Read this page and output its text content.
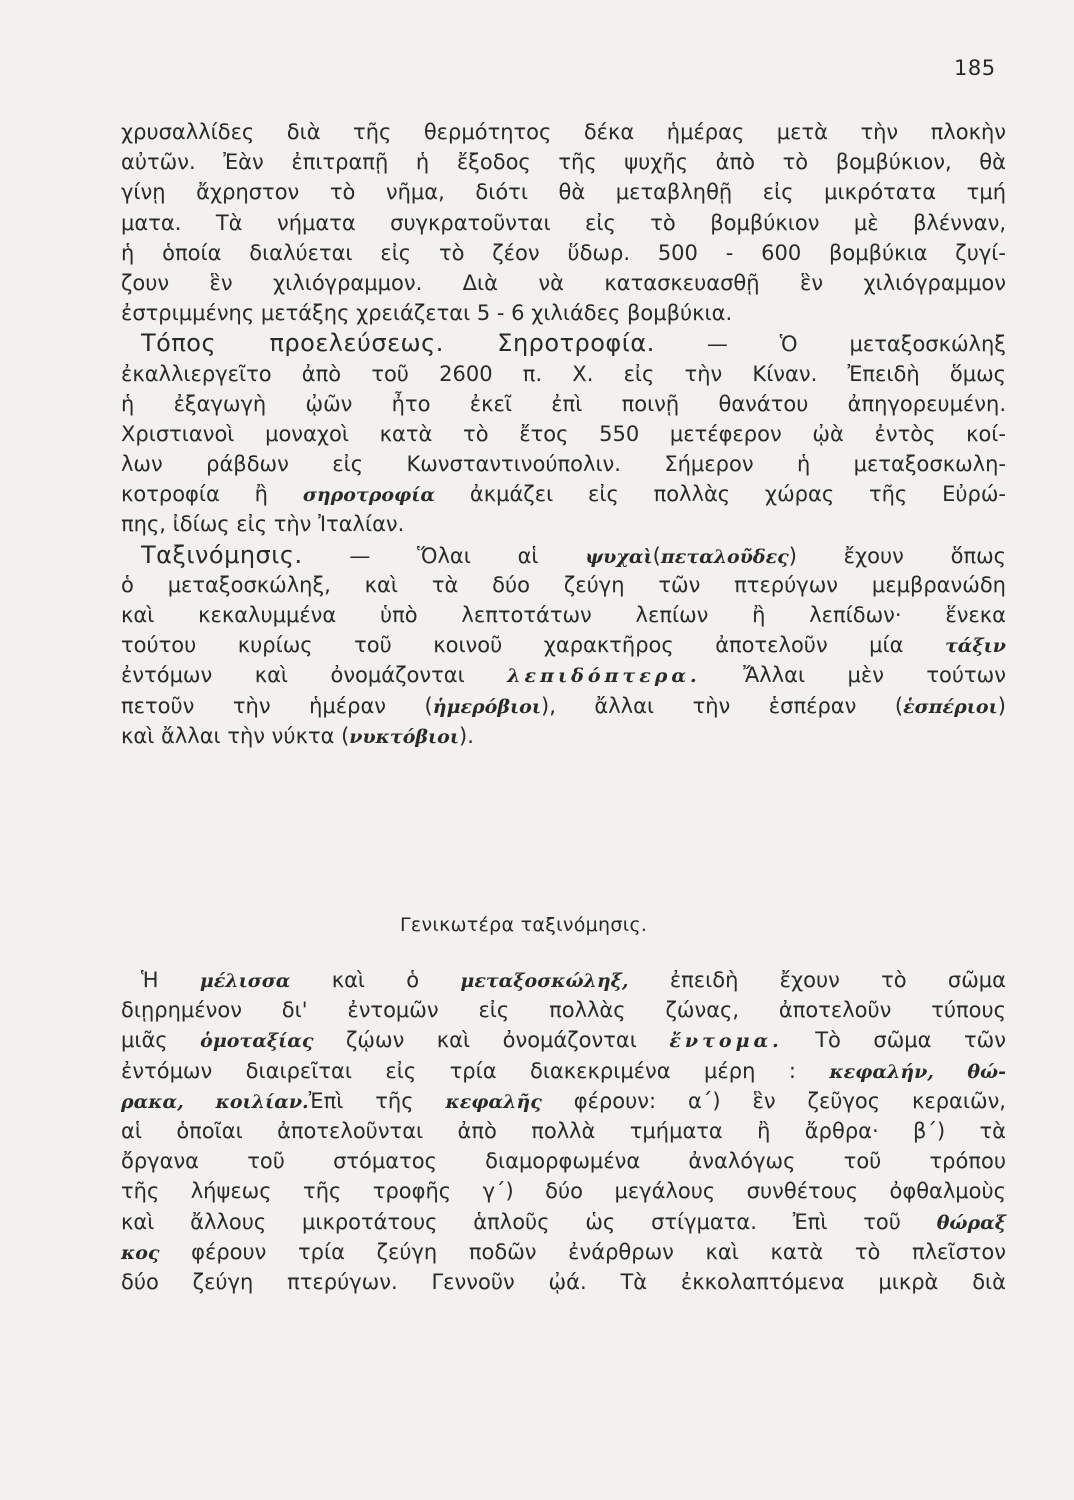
185
χρυσαλλίδες διὰ τῆς θερμότητος δέκα ἡμέρας μετὰ τὴν πλοκὴν
αὐτῶν. Ἐὰν ἐπιτραπῇ ἡ ἔξοδος τῆς ψυχῆς ἀπὸ τὸ βομβύκιον, θὰ
γίνῃ ἄχρηστον τὸ νῆμα, διότι θὰ μεταβληθῇ εἰς μικρότατα τμή
ματα. Τὰ νήματα συγκρατοῦνται εἰς τὸ βομβύκιον μὲ βλένναν,
ἡ ὁποία διαλύεται εἰς τὸ ζέον ὕδωρ. 500 - 600 βομβύκια ζυγί-
ζουν ἓν χιλιόγραμμον. Διὰ νὰ κατασκευασθῇ ἓν χιλιόγραμμον
ἐστριμμένης μετάξης χρειάζεται 5 - 6 χιλιάδες βομβύκια.
Τόπος προελεύσεως. Σηροτροφία. — Ὁ μεταξοσκώληξ
ἐκαλλιεργεῖτο ἀπὸ τοῦ 2600 π. Χ. εἰς τὴν Κίναν. Ἐπειδὴ ὅμως
ἡ ἐξαγωγὴ ᾠῶν ἦτο ἐκεῖ ἐπὶ ποινῇ θανάτου ἀπηγορευμένη.
Χριστιανοὶ μοναχοὶ κατὰ τὸ ἔτος 550 μετέφερον ᾠὰ ἐντὸς κοί-
λων ράβδων εἰς Κωνσταντινούπολιν. Σήμερον ἡ μεταξοσκωλη-
κοτροφία ἢ σηροτροφία ἀκμάζει εἰς πολλὰς χώρας τῆς Εὐρώ-
πης, ἰδίως εἰς τὴν Ἰταλίαν.
Ταξινόμησις. — Ὅλαι αἱ ψυχαὶ(πεταλοῦδες) ἔχουν ὅπως
ὁ μεταξοσκώληξ, καὶ τὰ δύο ζεύγη τῶν πτερύγων μεμβρανώδη
καὶ κεκαλυμμένα ὑπὸ λεπτοτάτων λεπίων ἢ λεπίδων· ἕνεκα
τούτου κυρίως τοῦ κοινοῦ χαρακτῆρος ἀποτελοῦν μία τάξιν
ἐντόμων καὶ ὀνομάζονται λεπιδόπτερα. Ἄλλαι μὲν τούτων
πετοῦν τὴν ἡμέραν (ἡμερόβιοι), ἄλλαι τὴν ἑσπέραν (ἑσπέριοι)
καὶ ἄλλαι τὴν νύκτα (νυκτόβιοι).
Γενικωτέρα ταξινόμησις.
Ἡ μέλισσα καὶ ὁ μεταξοσκώληξ, ἐπειδὴ ἔχουν τὸ σῶμα
διῃρημένον δι' ἐντομῶν εἰς πολλὰς ζώνας, ἀποτελοῦν τύπους
μιᾶς ὁμοταξίας ζῴων καὶ ὀνομάζονται ἔντομα. Τὸ σῶμα τῶν
ἐντόμων διαιρεῖται εἰς τρία διακεκριμένα μέρη : κεφαλήν, θώ-
ρακα, κοιλίαν.Ἐπὶ τῆς κεφαλῆς φέρουν: α΄) ἓν ζεῦγος κεραιῶν,
αἱ ὁποῖαι ἀποτελοῦνται ἀπὸ πολλὰ τμήματα ἢ ἄρθρα· β΄) τὰ
ὄργανα τοῦ στόματος διαμορφωμένα ἀναλόγως τοῦ τρόπου
τῆς λήψεως τῆς τροφῆς γ΄) δύο μεγάλους συνθέτους ὀφθαλμοὺς
καὶ ἄλλους μικροτάτους ἁπλοῦς ὡς στίγματα. Ἐπὶ τοῦ θώραξ
κος φέρουν τρία ζεύγη ποδῶν ἐνάρθρων καὶ κατὰ τὸ πλεῖστον
δύο ζεύγη πτερύγων. Γεννοῦν ᾠά. Τὰ ἐκκολαπτόμενα μικρὰ διὰ
